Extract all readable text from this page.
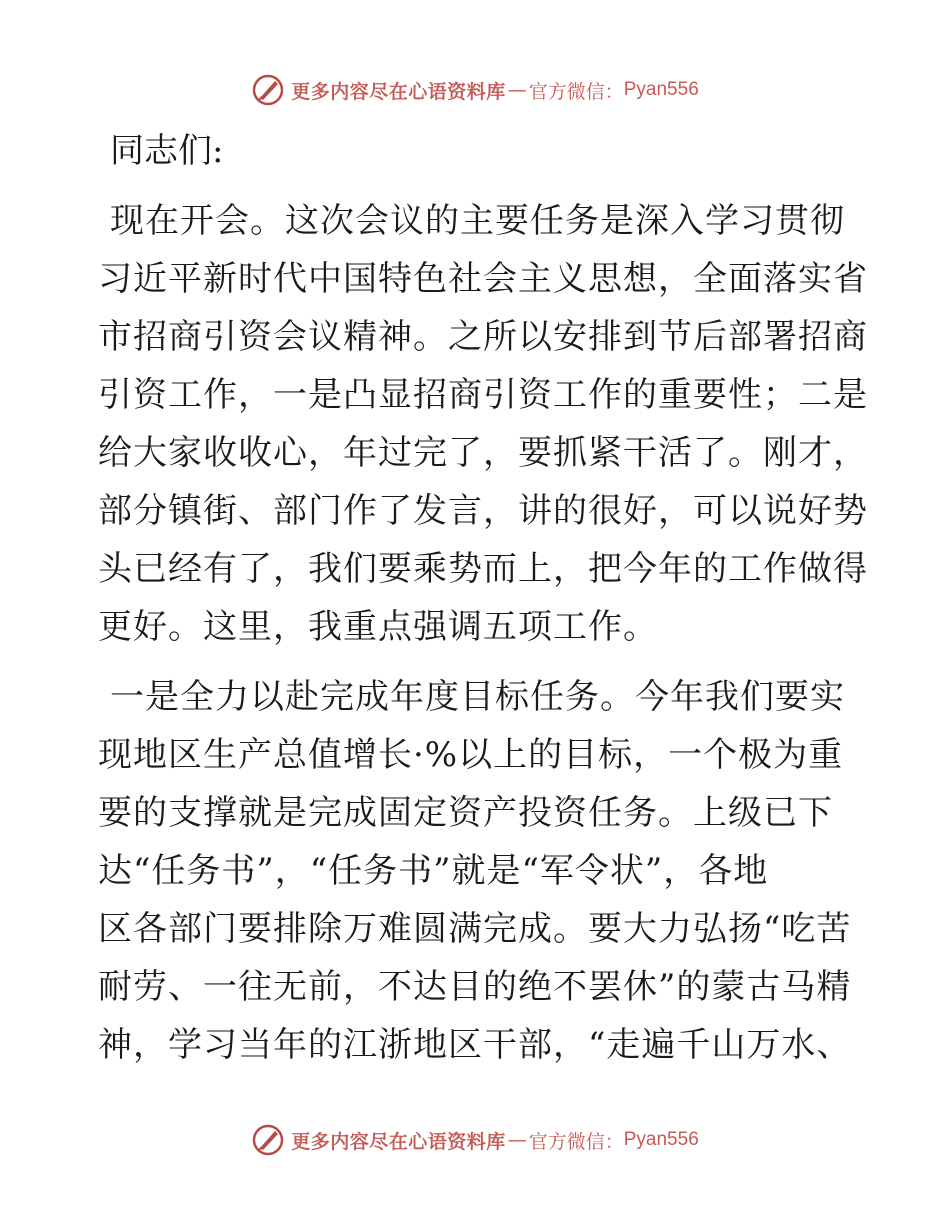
更多内容尽在心语资料库 — 官方微信： Pyan556
同志们:
现在开会。这次会议的主要任务是深入学习贯彻
习近平新时代中国特色社会主义思想，全面落实省
市招商引资会议精神。之所以安排到节后部署招商
引资工作，一是凸显招商引资工作的重要性；二是
给大家收收心，年过完了，要抓紧干活了。刚才，
部分镇街、部门作了发言，讲的很好，可以说好势
头已经有了，我们要乘势而上，把今年的工作做得
更好。这里，我重点强调五项工作。
一是全力以赴完成年度目标任务。今年我们要实
现地区生产总值增长·%以上的目标，一个极为重
要的支撑就是完成固定资产投资任务。上级已下
达“任务书”，“任务书”就是“军令状”，各地
区各部门要排除万难圆满完成。要大力弘扬“吃苦
耐劳、一往无前，不达目的绝不罢休”的蒙古马精
神，学习当年的江浙地区干部，“走遍千山万水、
更多内容尽在心语资料库 — 官方微信： Pyan556
